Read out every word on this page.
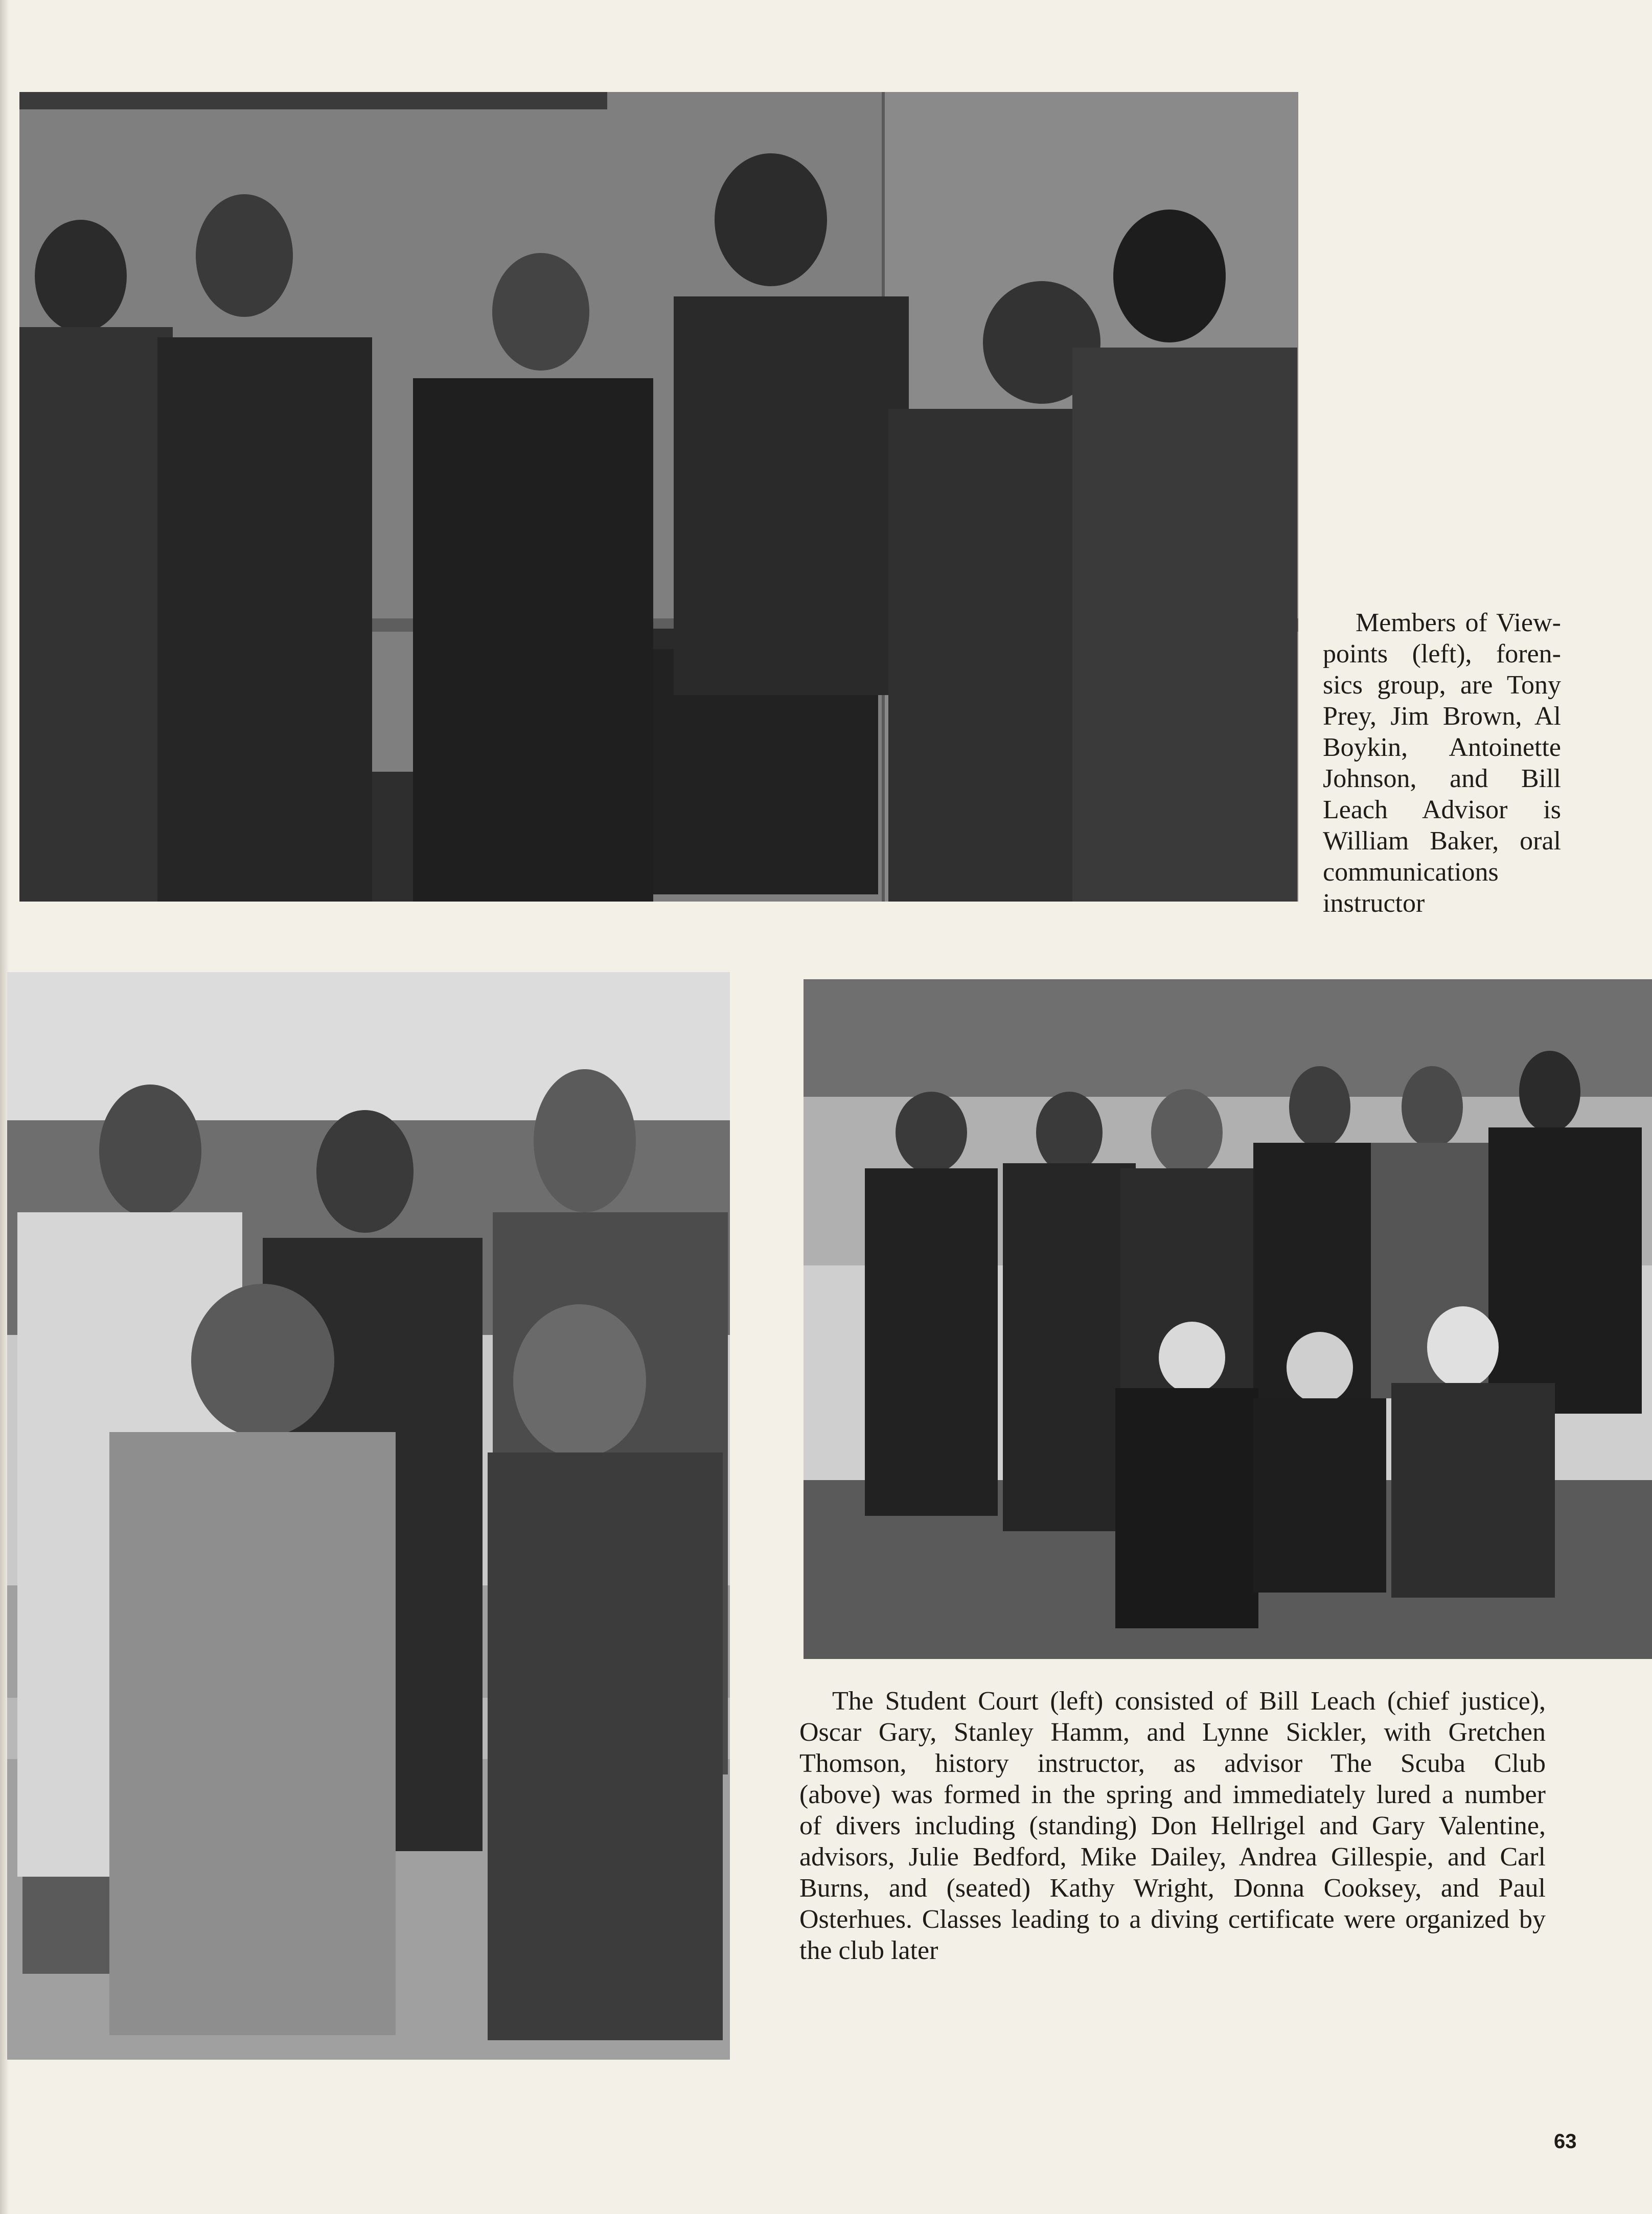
Members of View-
points (left), foren-
sics group, are Tony
Prey, Jim Brown, Al
Boykin, Antoinette
Johnson, and Bill
Leach Advisor is
William Baker, oral
communications
instructor
The Student Court (left) consisted of Bill Leach (chief justice),
Oscar Gary, Stanley Hamm, and Lynne Sickler, with Gretchen
Thomson, history instructor, as advisor The Scuba Club
(above) was formed in the spring and immediately lured a number
of divers including (standing) Don Hellrigel and Gary Valentine,
advisors, Julie Bedford, Mike Dailey, Andrea Gillespie, and Carl
Burns, and (seated) Kathy Wright, Donna Cooksey, and Paul
Osterhues. Classes leading to a diving certificate were organized by
the club later
63
